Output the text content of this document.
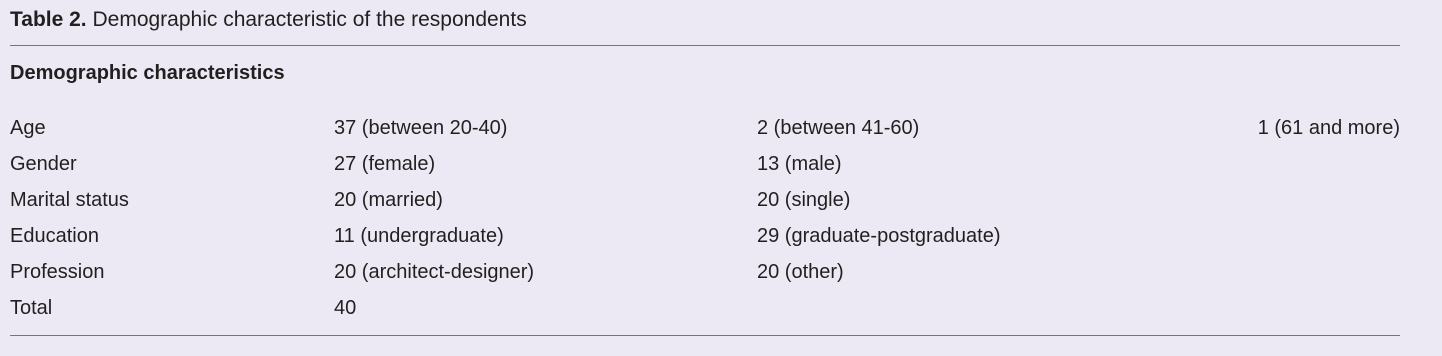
Table 2. Demographic characteristic of the respondents
Demographic characteristics
Age	37 (between 20-40)	2 (between 41-60)	1 (61 and more)
Gender	27 (female)	13 (male)
Marital status	20 (married)	20 (single)
Education	11 (undergraduate)	29 (graduate-postgraduate)
Profession	20 (architect-designer)	20 (other)
Total	40
